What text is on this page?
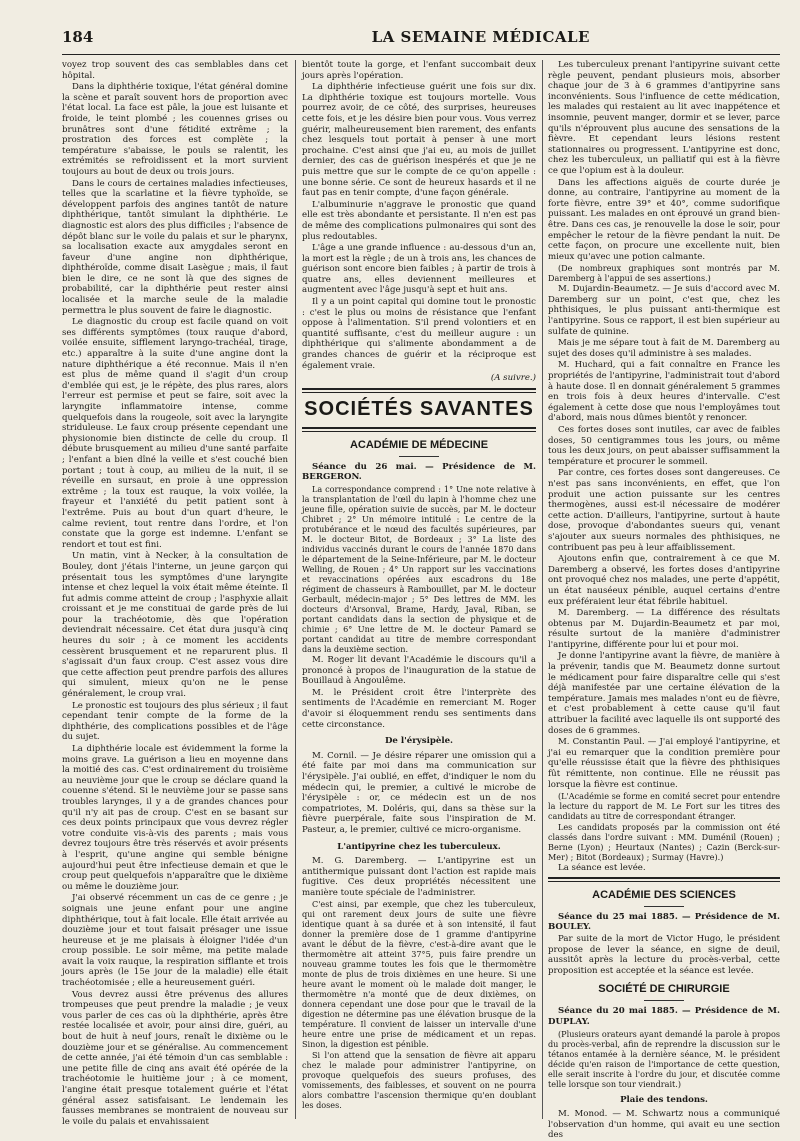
184	LA SEMAINE MÉDICALE

voyez trop souvent des cas semblables dans cet hôpital.

Dans la diphthérie toxique, l'état général domine la scène et paraît souvent hors de proportion avec l'état local. La face est pâle, la joue est luisante et froide, le teint plombé ; les couennes grises ou brunâtres sont d'une fétidité extrême ; la prostration des forces est complète ; la température s'abaisse, le pouls se ralentit, les extrémités se refroidissent et la mort survient toujours au bout de deux ou trois jours.

Dans le cours de certaines maladies infectieuses, telles que la scarlatine et la fièvre typhoïde, se développent parfois des angines tantôt de nature diphthérique, tantôt simulant la diphthérie. Le diagnostic est alors des plus difficiles ; l'absence de dépôt blanc sur le voile du palais et sur le pharynx, sa localisation exacte aux amygdales seront en faveur d'une angine non diphthérique, diphthéroïde, comme disait Lasègue ; mais, il faut bien le dire, ce ne sont là que des signes de probabilité, car la diphthérie peut rester ainsi localisée et la marche seule de la maladie permettra le plus souvent de faire le diagnostic.

Le diagnostic du croup est facile quand on voit ses différents symptômes (toux rauque d'abord, voilée ensuite, sifflement laryngo-trachéal, tirage, etc.) apparaître à la suite d'une angine dont la nature diphthérique a été reconnue. Mais il n'en est plus de même quand il s'agit d'un croup d'emblée qui est, je le répète, des plus rares, alors l'erreur est permise et peut se faire, soit avec la laryngite inflammatoire intense, comme quelquefois dans la rougeole, soit avec la laryngite striduleuse. Le faux croup présente cependant une physionomie bien distincte de celle du croup. Il débute brusquement au milieu d'une santé parfaite ; l'enfant a bien dîné la veille et s'est couché bien portant ; tout à coup, au milieu de la nuit, il se réveille en sursaut, en proie à une oppression extrême ; la toux est rauque, la voix voilée, la frayeur et l'anxiété du petit patient sont à l'extrême. Puis au bout d'un quart d'heure, le calme revient, tout rentre dans l'ordre, et l'on constate que la gorge est indemne. L'enfant se rendort et tout est fini.

Un matin, vint à Necker, à la consultation de Bouley, dont j'étais l'interne, un jeune garçon qui présentait tous les symptômes d'une laryngite intense et chez lequel la voix était même éteinte. Il fut admis comme atteint de croup ; l'asphyxie allait croissant et je me constituai de garde près de lui pour la trachéotomie, dès que l'opération deviendrait nécessaire. Cet état dura jusqu'à cinq heures du soir ; à ce moment les accidents cessèrent brusquement et ne reparurent plus. Il s'agissait d'un faux croup. C'est assez vous dire que cette affection peut prendre parfois des allures qui simulent, mieux qu'on ne le pense généralement, le croup vrai.

Le pronostic est toujours des plus sérieux ; il faut cependant tenir compte de la forme de la diphthérie, des complications possibles et de l'âge du sujet.

La diphthérie locale est évidemment la forme la moins grave. La guérison a lieu en moyenne dans la moitié des cas. C'est ordinairement du troisième au neuvième jour que le croup se déclare quand la couenne s'étend. Si le neuvième jour se passe sans troubles larynges, il y a de grandes chances pour qu'il n'y ait pas de croup. C'est en se basant sur ces deux points principaux que vous devrez régler votre conduite vis-à-vis des parents ; mais vous devrez toujours être très réservés et avoir présents à l'esprit, qu'une angine qui semble bénigne aujourd'hui peut être infectieuse demain et que le croup peut quelquefois n'apparaître que le dixième ou même le douzième jour.

J'ai observé récemment un cas de ce genre ; je soignais une jeune enfant pour une angine diphthérique, tout à fait locale. Elle était arrivée au douzième jour et tout faisait présager une issue heureuse et je me plaisais à éloigner l'idée d'un croup possible. Le soir même, ma petite malade avait la voix rauque, la respiration sifflante et trois jours après (le 15e jour de la maladie) elle était trachéotomisée ; elle a heureusement guéri.

Vous devrez aussi être prévenus des allures trompeuses que peut prendre la maladie ; je veux vous parler de ces cas où la diphthérie, après être restée localisée et avoir, pour ainsi dire, guéri, au bout de huit à neuf jours, renaît le dixième ou le douzième jour et se généralise. Au commencement de cette année, j'ai été témoin d'un cas semblable : une petite fille de cinq ans avait été opérée de la trachéotomie le huitième jour ; à ce moment, l'angine était presque totalement guérie et l'état général assez satisfaisant. Le lendemain les fausses membranes se montraient de nouveau sur le voile du palais et envahissaient

bientôt toute la gorge, et l'enfant succombait deux jours après l'opération.

La diphthérie infectieuse guérit une fois sur dix. La diphthérie toxique est toujours mortelle. Vous pourrez avoir, de ce côté, des surprises, heureuses cette fois, et je les désire bien pour vous. Vous verrez guérir, malheureusement bien rarement, des enfants chez lesquels tout portait à penser à une mort prochaine. C'est ainsi que j'ai eu, au mois de juillet dernier, des cas de guérison inespérés et que je ne puis mettre que sur le compte de ce qu'on appelle : une bonne série. Ce sont de heureux hasards et il ne faut pas en tenir compte, d'une façon générale.

L'albuminurie n'aggrave le pronostic que quand elle est très abondante et persistante. Il n'en est pas de même des complications pulmonaires qui sont des plus redoutables.

L'âge a une grande influence : au-dessous d'un an, la mort est la règle ; de un à trois ans, les chances de guérison sont encore bien faibles ; à partir de trois à quatre ans, elles deviennent meilleures et augmentent avec l'âge jusqu'à sept et huit ans.

Il y a un point capital qui domine tout le pronostic : c'est le plus ou moins de résistance que l'enfant oppose à l'alimentation. S'il prend volontiers et en quantité suffisante, c'est du meilleur augure : un diphthérique qui s'alimente abondamment a de grandes chances de guérir et la réciproque est également vraie.

(A suivre.)
SOCIÉTÉS SAVANTES
ACADÉMIE DE MÉDECINE

Séance du 26 mai. — Présidence de M. BERGERON.

La correspondance comprend : 1° Une note relative à la transplantation de l'œil du lapin à l'homme chez une jeune fille, opération suivie de succès, par M. le docteur Chibret ; 2° Un mémoire intitulé : Le centre de la protubérance et le nœud des facultés supérieures, par M. le docteur Bitot, de Bordeaux ; 3° La liste des individus vaccinés durant le cours de l'année 1870 dans le département de la Seine-Inférieure, par M. le docteur Welling, de Rouen ; 4° Un rapport sur les vaccinations et revaccinations opérées aux escadrons du 18e régiment de chasseurs à Rambouillet, par M. le docteur Gerbault, médecin-major ; 5° Des lettres de MM. les docteurs d'Arsonval, Brame, Hardy, Javal, Riban, se portant candidats dans la section de physique et de chimie ; 6° Une lettre de M. le docteur Pamard se portant candidat au titre de membre correspondant dans la deuxième section.

M. Roger lit devant l'Académie le discours qu'il a prononcé à propos de l'inauguration de la statue de Bouillaud à Angoulême.

M. le Président croit être l'interprète des sentiments de l'Académie en remerciant M. Roger d'avoir si éloquemment rendu ses sentiments dans cette circonstance.

De l'érysipèle.

M. Cornil. — Je désire réparer une omission qui a été faite par moi dans ma communication sur l'érysipèle. J'ai oublié, en effet, d'indiquer le nom du médecin qui, le premier, a cultivé le microbe de l'érysipèle : or, ce médecin est un de nos compatriotes, M. Doléris, qui, dans sa thèse sur la fièvre puerpérale, faite sous l'inspiration de M. Pasteur, a, le premier, cultivé ce micro-organisme.

L'antipyrine chez les tuberculeux.

M. G. Daremberg. — L'antipyrine est un antithermique puissant dont l'action est rapide mais fugitive. Ces deux propriétés nécessitent une manière toute spéciale de l'administrer.

C'est ainsi, par exemple, que chez les tuberculeux, qui ont rarement deux jours de suite une fièvre identique quant à sa durée et à son intensité, il faut donner la première dose de 1 gramme d'antipyrine avant le début de la fièvre, c'est-à-dire avant que le thermomètre ait atteint 37°5, puis faire prendre un nouveau gramme toutes les fois que le thermomètre monte de plus de trois dixièmes en une heure. Si une heure avant le moment où le malade doit manger, le thermomètre n'a monté que de deux dixièmes, on donnera cependant une dose pour que le travail de la digestion ne détermine pas une élévation brusque de la température. Il convient de laisser un intervalle d'une heure entre une prise de médicament et un repas. Sinon, la digestion est pénible.

Si l'on attend que la sensation de fièvre ait apparu chez le malade pour administrer l'antipyrine, on provoque quelquefois des sueurs profuses, des vomissements, des faiblesses, et souvent on ne pourra alors combattre l'ascension thermique qu'en doublant les doses.

Les tuberculeux prenant l'antipyrine suivant cette règle peuvent, pendant plusieurs mois, absorber chaque jour de 3 à 6 grammes d'antipyrine sans inconvénients. Sous l'influence de cette médication, les malades qui restaient au lit avec inappétence et insomnie, peuvent manger, dormir et se lever, parce qu'ils n'éprouvent plus aucune des sensations de la fièvre. Et cependant leurs lésions restent stationnaires ou progressent. L'antipyrine est donc, chez les tuberculeux, un palliatif qui est à la fièvre ce que l'opium est à la douleur.

Dans les affections aiguës de courte durée je donne, au contraire, l'antipyrine au moment de la forte fièvre, entre 39° et 40°, comme sudorifique puissant. Les malades en ont éprouvé un grand bien-être. Dans ces cas, je renouvelle la dose le soir, pour empêcher le retour de la fièvre pendant la nuit. De cette façon, on procure une excellente nuit, bien mieux qu'avec une potion calmante.

(De nombreux graphiques sont montrés par M. Daremberg à l'appui de ses assertions.)

M. Dujardin-Beaumetz. — Je suis d'accord avec M. Daremberg sur un point, c'est que, chez les phthisiques, le plus puissant anti-thermique est l'antipyrine. Sous ce rapport, il est bien supérieur au sulfate de quinine.

Mais je me sépare tout à fait de M. Daremberg au sujet des doses qu'il administre à ses malades.

M. Huchard, qui a fait connaître en France les propriétés de l'antipyrine, l'administrait tout d'abord à haute dose. Il en donnait généralement 5 grammes en trois fois à deux heures d'intervalle. C'est également à cette dose que nous l'employâmes tout d'abord, mais nous dûmes bientôt y renoncer.

Ces fortes doses sont inutiles, car avec de faibles doses, 50 centigrammes tous les jours, ou même tous les deux jours, on peut abaisser suffisamment la température et procurer le sommeil.

Par contre, ces fortes doses sont dangereuses. Ce n'est pas sans inconvénients, en effet, que l'on produit une action puissante sur les centres thermogènes, aussi est-il nécessaire de modérer cette action. D'ailleurs, l'antipyrine, surtout à haute dose, provoque d'abondantes sueurs qui, venant s'ajouter aux sueurs normales des phthisiques, ne contribuent pas peu à leur affaiblissement.

Ajoutons enfin que, contrairement à ce que M. Daremberg a observé, les fortes doses d'antipyrine ont provoqué chez nos malades, une perte d'appétit, un état nauséeux pénible, auquel certains d'entre eux préféraient leur état fébrile habituel.

M. Daremberg. — La différence des résultats obtenus par M. Dujardin-Beaumetz et par moi, résulte surtout de la manière d'administrer l'antipyrine, différente pour lui et pour moi.

Je donne l'antipyrine avant la fièvre, de manière à la prévenir, tandis que M. Beaumetz donne surtout le médicament pour faire disparaître celle qui s'est déjà manifestée par une certaine élévation de la température. Jamais mes malades n'ont eu de fièvre, et c'est probablement à cette cause qu'il faut attribuer la facilité avec laquelle ils ont supporté des doses de 6 grammes.

M. Constantin Paul. — J'ai employé l'antipyrine, et j'ai eu remarquer que la condition première pour qu'elle réussisse était que la fièvre des phthisiques fût rémittente, non continue. Elle ne réussit pas lorsque la fièvre est continue.

(L'Académie se forme en comité secret pour entendre la lecture du rapport de M. Le Fort sur les titres des candidats au titre de correspondant étranger.

Les candidats proposés par la commission ont été classés dans l'ordre suivant : MM. Duménil (Rouen) ; Berne (Lyon) ; Heurtaux (Nantes) ; Cazin (Berck-sur-Mer) ; Bitot (Bordeaux) ; Surmay (Havre).)

La séance est levée.

ACADÉMIE DES SCIENCES

Séance du 25 mai 1885. — Présidence de M. BOULEY.

Par suite de la mort de Victor Hugo, le président propose de lever la séance, en signe de deuil, aussitôt après la lecture du procès-verbal, cette proposition est acceptée et la séance est levée.

SOCIÉTÉ DE CHIRURGIE

Séance du 20 mai 1885. — Présidence de M. DUPLAY.

(Plusieurs orateurs ayant demandé la parole à propos du procès-verbal, afin de reprendre la discussion sur le tétanos entamée à la dernière séance, M. le président décide qu'en raison de l'importance de cette question, elle serait inscrite à l'ordre du jour, et discutée comme telle lorsque son tour viendrait.)

Plaie des tendons.

M. Monod. — M. Schwartz nous a communiqué l'observation d'un homme, qui avait eu une section des
